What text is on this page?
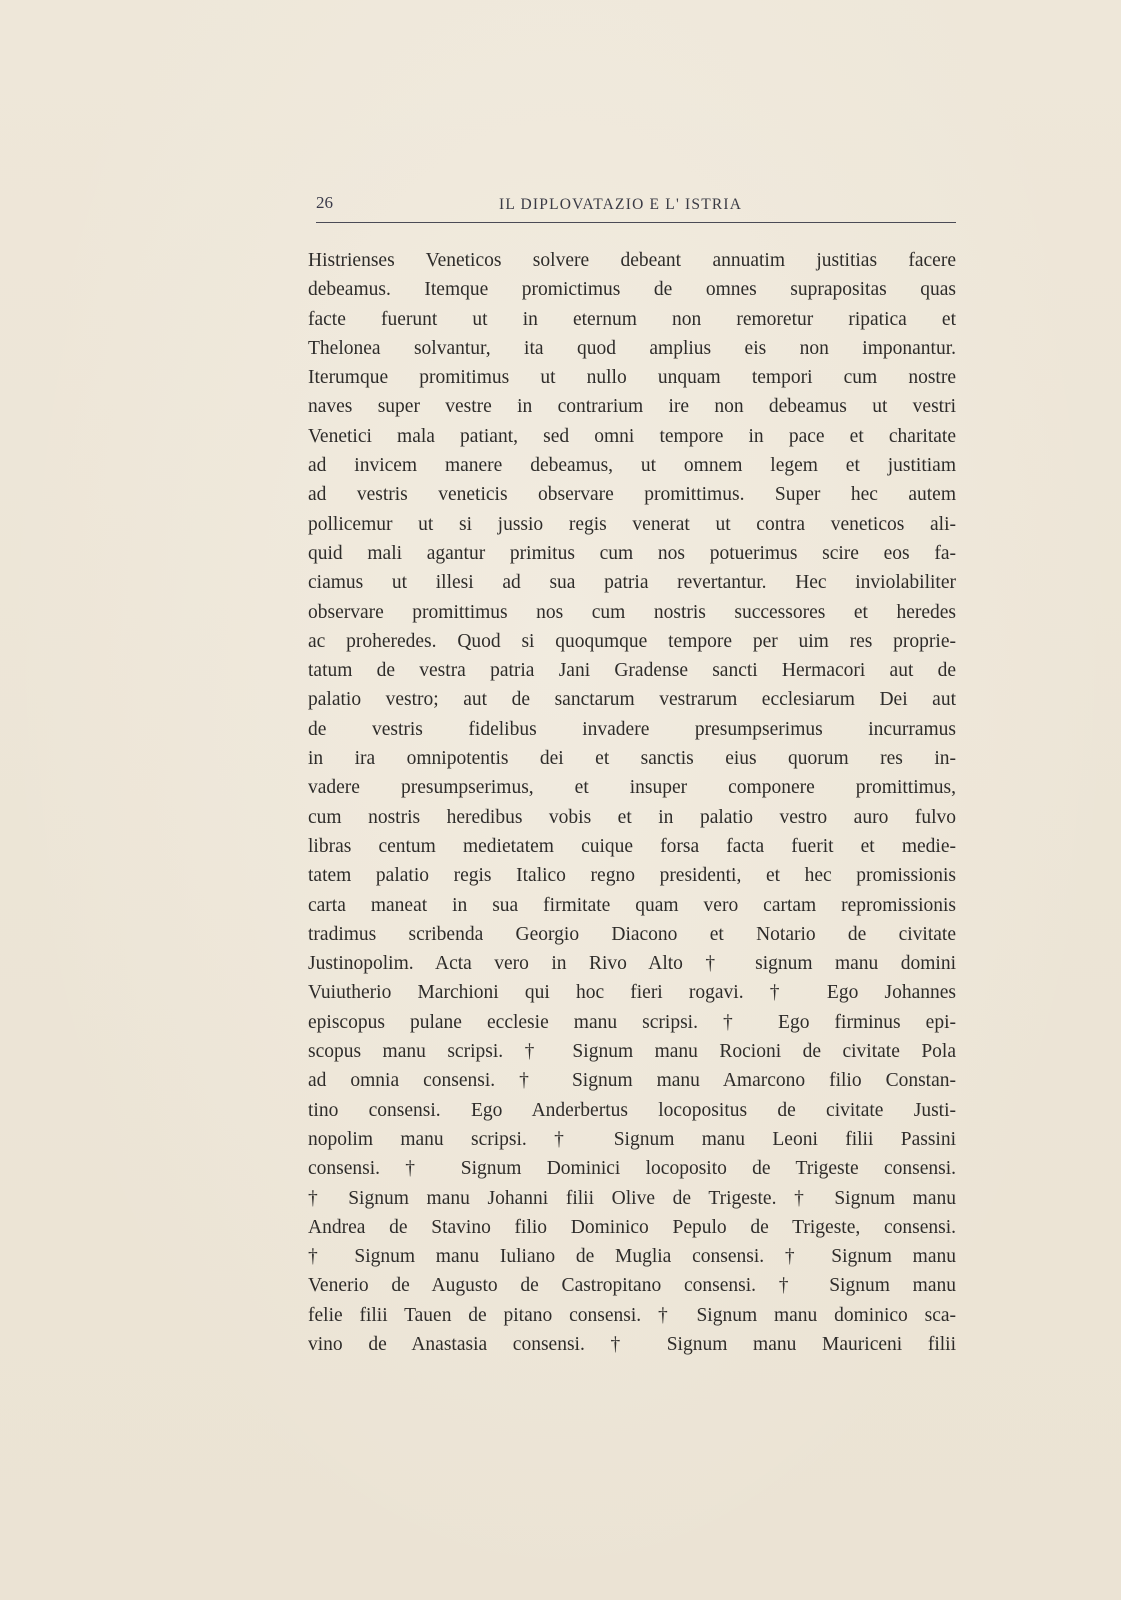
26	IL DIPLOVATAZIO E L' ISTRIA
Histrienses Veneticos solvere debeant annuatim justitias facere
debeamus. Itemque promictimus de omnes suprapositas quas
facte fuerunt ut in eternum non remoretur ripatica et
Thelonea solvantur, ita quod amplius eis non imponantur.
Iterumque promitimus ut nullo unquam tempori cum nostre
naves super vestre in contrarium ire non debeamus ut vestri
Venetici mala patiant, sed omni tempore in pace et charitate
ad invicem manere debeamus, ut omnem legem et justitiam
ad vestris veneticis observare promittimus. Super hec autem
pollicemur ut si jussio regis venerat ut contra veneticos ali-
quid mali agantur primitus cum nos potuerimus scire eos fa-
ciamus ut illesi ad sua patria revertantur. Hec inviolabiliter
observare promittimus nos cum nostris successores et heredes
ac proheredes. Quod si quoqumque tempore per uim res proprie-
tatum de vestra patria Jani Gradense sancti Hermacori aut de
palatio vestro; aut de sanctarum vestrarum ecclesiarum Dei aut
de vestris fidelibus invadere presumpserimus incurramus
in ira omnipotentis dei et sanctis eius quorum res in-
vadere presumpserimus, et insuper componere promittimus,
cum nostris heredibus vobis et in palatio vestro auro fulvo
libras centum medietatem cuique forsa facta fuerit et medie-
tatem palatio regis Italico regno presidenti, et hec promissionis
carta maneat in sua firmitate quam vero cartam repromissionis
tradimus scribenda Georgio Diacono et Notario de civitate
Justinopolim. Acta vero in Rivo Alto † signum manu domini
Vuiutherio Marchioni qui hoc fieri rogavi. † Ego Johannes
episcopus pulane ecclesie manu scripsi. † Ego firminus epi-
scopus manu scripsi. † Signum manu Rocioni de civitate Pola
ad omnia consensi. † Signum manu Amarcono filio Constan-
tino consensi. Ego Anderbertus locopositus de civitate Justi-
nopolim manu scripsi. † Signum manu Leoni filii Passini
consensi. † Signum Dominici locoposito de Trigeste consensi.
† Signum manu Johanni filii Olive de Trigeste. † Signum manu
Andrea de Stavino filio Dominico Pepulo de Trigeste, consensi.
† Signum manu Iuliano de Muglia consensi. † Signum manu
Venerio de Augusto de Castropitano consensi. † Signum manu
felie filii Tauen de pitano consensi. † Signum manu dominico sca-
vino de Anastasia consensi. † Signum manu Mauriceni filii
